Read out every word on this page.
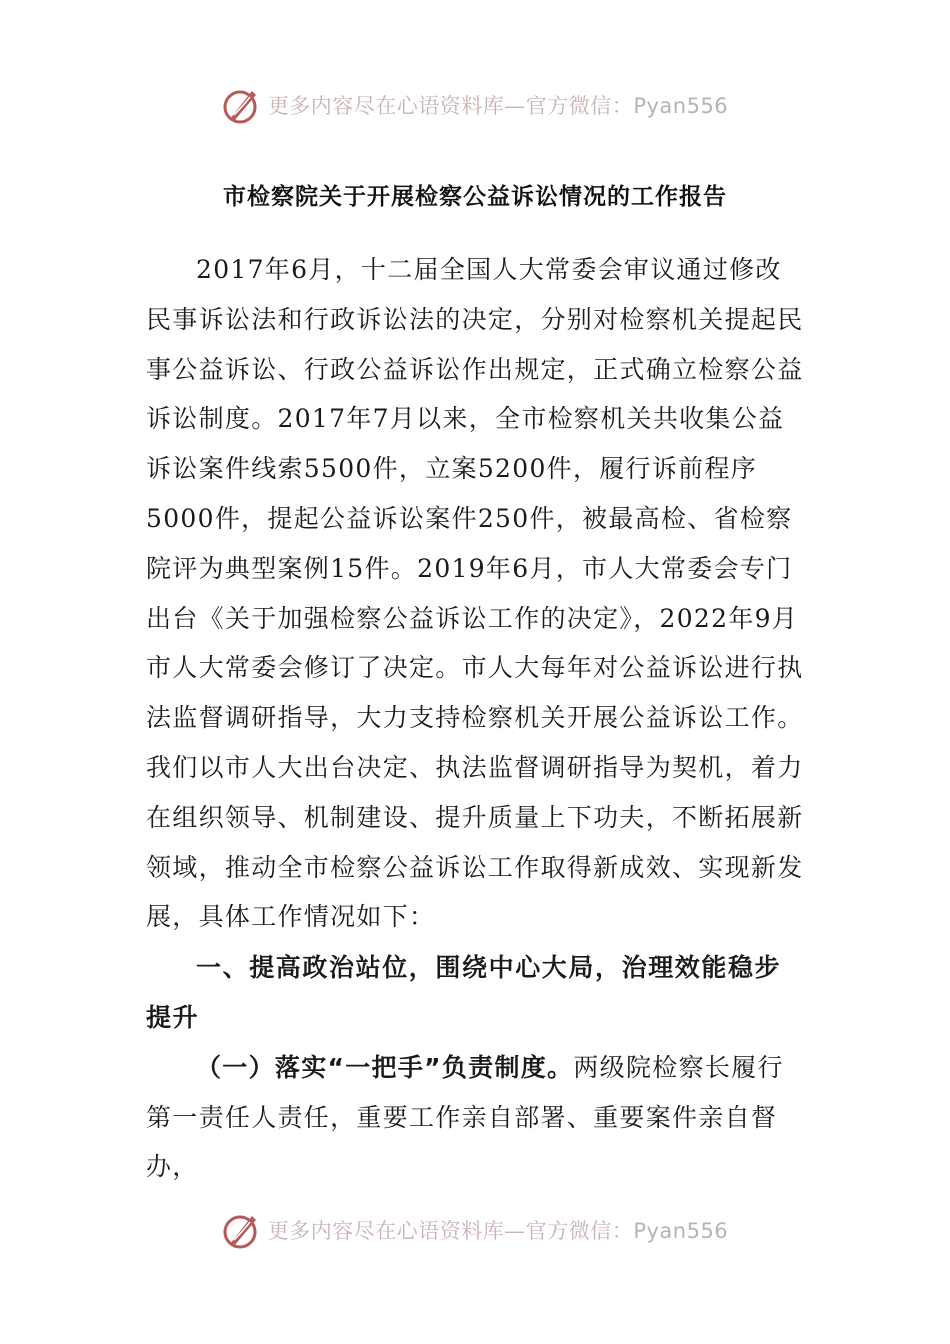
更多内容尽在心语资料库—官方微信：Pyan556
市检察院关于开展检察公益诉讼情况的工作报告

2017年6月，十二届全国人大常委会审议通过修改民事诉讼法和行政诉讼法的决定，分别对检察机关提起民事公益诉讼、行政公益诉讼作出规定，正式确立检察公益诉讼制度。2017年7月以来，全市检察机关共收集公益诉讼案件线索5500件，立案5200件，履行诉前程序5000件，提起公益诉讼案件250件，被最高检、省检察院评为典型案例15件。2019年6月，市人大常委会专门出台《关于加强检察公益诉讼工作的决定》，2022年9月市人大常委会修订了决定。市人大每年对公益诉讼进行执法监督调研指导，大力支持检察机关开展公益诉讼工作。我们以市人大出台决定、执法监督调研指导为契机，着力在组织领导、机制建设、提升质量上下功夫，不断拓展新领域，推动全市检察公益诉讼工作取得新成效、实现新发展，具体工作情况如下：

一、提高政治站位，围绕中心大局，治理效能稳步提升

（一）落实“一把手”负责制度。两级院检察长履行第一责任人责任，重要工作亲自部署、重要案件亲自督办，

更多内容尽在心语资料库—官方微信：Pyan556
